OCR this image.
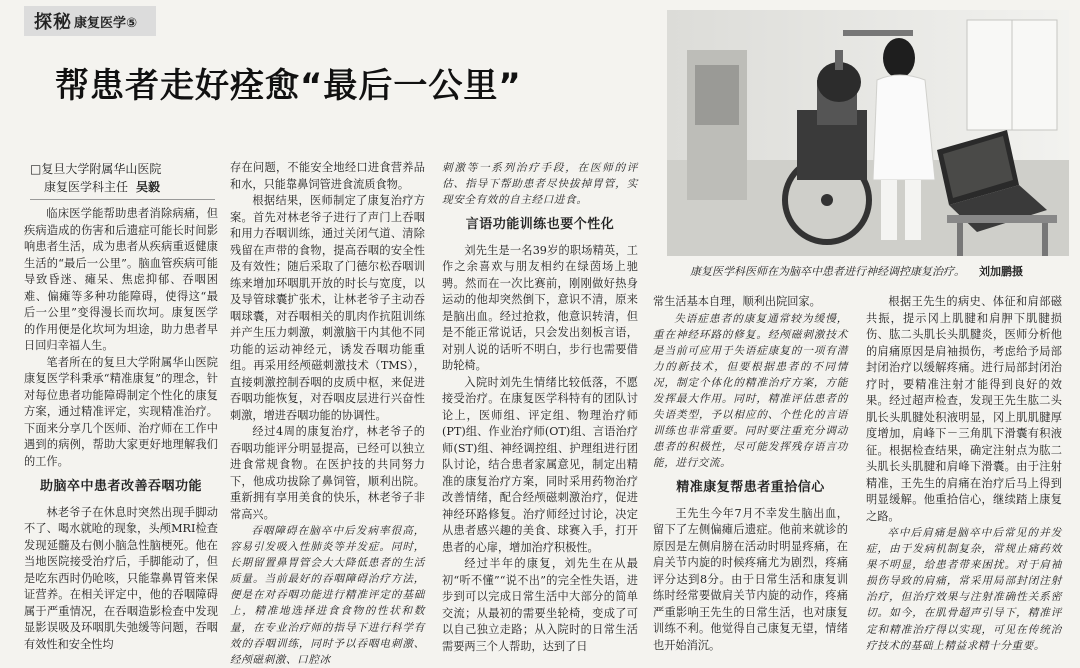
探秘 康复医学⑤
帮患者走好痊愈“最后一公里”
□复旦大学附属华山医院
康复医学科主任 吴毅

临床医学能帮助患者消除病痛，但疾病造成的伤害和后遗症可能长时间影响患者生活，成为患者从疾病重返健康生活的“最后一公里”。脑血管疾病可能导致昏迷、瘫呆、焦虑抑郁、吞咽困难、偏瘫等多种功能障碍，使得这“最后一公里”变得漫长而坎坷。康复医学的作用便是化坎坷为坦途，助力患者早日回归幸福人生。

笔者所在的复旦大学附属华山医院康复医学科秉承“精准康复”的理念，针对每位患者功能障碍制定个性化的康复方案，通过精准评定，实现精准治疗。下面来分享几个医师、治疗师在工作中遇到的病例，帮助大家更好地理解我们的工作。

助脑卒中患者改善吞咽功能

林老爷子在休息时突然出现手脚动不了、喝水就呛的现象，头颅MRI检查发现延髓及右侧小脑急性脑梗死。他在当地医院接受治疗后，手脚能动了，但是吃东西时仍呛咳，只能靠鼻胃管来保证营养。在相关评定中，他的吞咽障碍属于严重情况，在吞咽造影检查中发现显影误吸及环咽肌失弛缓等问题，吞咽有效性和安全性均

存在问题，不能安全地经口进食营养品和水，只能靠鼻饲管进食流质食物。

根据结果，医师制定了康复治疗方案。首先对林老爷子进行了声门上吞咽和用力吞咽训练，通过关闭气道、清除残留在声带的食物，提高吞咽的安全性及有效性；随后采取了门德尔松吞咽训练来增加环咽肌开放的时长与宽度，以及导管球囊扩张术，让林老爷子主动吞咽球囊，对吞咽相关的肌肉作抗阻训练并产生压力刺激，刺激脑干内其他不同功能的运动神经元，诱发吞咽功能重组。再采用经颅磁刺激技术（TMS），直接刺激控制吞咽的皮质中枢，来促进吞咽功能恢复，对吞咽皮层进行兴奋性刺激，增进吞咽功能的协调性。

经过4周的康复治疗，林老爷子的吞咽功能评分明显提高，已经可以独立进食常规食物。在医护技的共同努力下，他成功拔除了鼻饲管，顺利出院。重新拥有享用美食的快乐，林老爷子非常高兴。

吞咽障碍在脑卒中后发病率很高，容易引发吸入性肺炎等并发症。同时，长期留置鼻胃管会大大降低患者的生活质量。当前最好的吞咽障碍治疗方法，便是在对吞咽功能进行精准评定的基础上，精准地选择进食食物的性状和数量，在专业治疗师的指导下进行科学有效的吞咽训练，同时予以吞咽电刺激、经颅磁刺激、口腔冰

刺激等一系列治疗手段，在医师的评估、指导下帮助患者尽快拔掉胃管，实现安全有效的自主经口进食。

言语功能训练也要个性化

刘先生是一名39岁的职场精英，工作之余喜欢与朋友相约在绿茵场上驰骋。然而在一次比赛前，刚刚做好热身运动的他却突然倒下，意识不清，原来是脑出血。经过抢救，他意识转清，但是不能正常说话，只会发出刻板言语，对别人说的话听不明白，步行也需要借助轮椅。

入院时刘先生情绪比较低落，不愿接受治疗。在康复医学科特有的团队讨论上，医师组、评定组、物理治疗师(PT)组、作业治疗师(OT)组、言语治疗师(ST)组、神经调控组、护理组进行团队讨论，结合患者家属意见，制定出精准的康复治疗方案，同时采用药物治疗改善情绪，配合经颅磁刺激治疗，促进神经环路修复。治疗师经过讨论，决定从患者感兴趣的美食、球赛入手，打开患者的心扉，增加治疗积极性。

经过半年的康复，刘先生在从最初“听不懂”“说不出”的完全性失语，进步到可以完成日常生活中大部分的简单交流；从最初的需要坐轮椅，变成了可以自己独立走路；从入院时的日常生活需要两三个人帮助，达到了日

康复医学科医师在为脑卒中患者进行神经调控康复治疗。 刘加鹏摄

常生活基本自理，顺利出院回家。

失语症患者的康复通常较为缓慢，重在神经环路的修复。经颅磁刺激技术是当前可应用于失语症康复的一项有潜力的新技术，但要根据患者的不同情况，制定个体化的精准治疗方案，方能发挥最大作用。同时，精准评估患者的失语类型，予以相应的、个性化的言语训练也非常重要。同时要注重充分调动患者的积极性，尽可能发挥残存语言功能，进行交流。

精准康复帮患者重拾信心

王先生今年7月不幸发生脑出血，留下了左侧偏瘫后遗症。他前来就诊的原因是左侧肩膀在活动时明显疼痛，在肩关节内旋的时候疼痛尤为剧烈，疼痛评分达到8分。由于日常生活和康复训练时经常要做肩关节内旋的动作，疼痛严重影响王先生的日常生活，也对康复训练不利。他觉得自己康复无望，情绪也开始消沉。

根据王先生的病史、体征和肩部磁共振，提示冈上肌腱和肩胛下肌腱损伤、肱二头肌长头肌腱炎，医师分析他的肩痛原因是肩袖损伤，考虑给予局部封闭治疗以缓解疼痛。进行局部封闭治疗时，要精准注射才能得到良好的效果。经过超声检查，发现王先生肱二头肌长头肌腱处积液明显，冈上肌肌腱厚度增加，肩峰下－三角肌下滑囊有积液征。根据检查结果，确定注射点为肱二头肌长头肌腱和肩峰下滑囊。由于注射精准，王先生的肩痛在治疗后马上得到明显缓解。他重拾信心，继续踏上康复之路。

卒中后肩痛是脑卒中后常见的并发症，由于发病机制复杂，常规止痛药效果不明显，给患者带来困扰。对于肩袖损伤导致的肩痛，常采用局部封闭注射治疗，但治疗效果与注射准确性关系密切。如今，在肌骨超声引导下，精准评定和精准治疗得以实现，可见在传统治疗技术的基础上精益求精十分重要。
